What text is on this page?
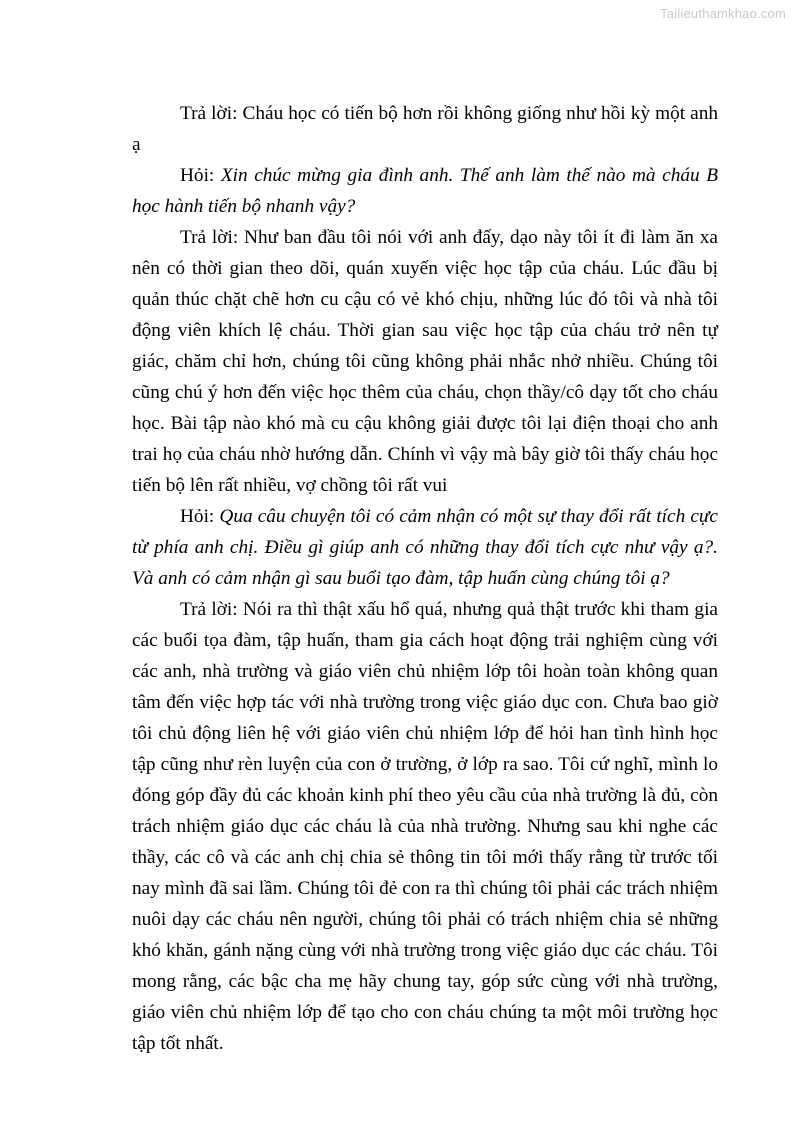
Tailieuthamkhao.com

Trả lời: Cháu học có tiến bộ hơn rồi không giống như hồi kỳ một anh ạ

Hỏi: Xin chúc mừng gia đình anh. Thế anh làm thế nào mà cháu B học hành tiến bộ nhanh vậy?

Trả lời: Như ban đầu tôi nói với anh đấy, dạo này tôi ít đi làm ăn xa nên có thời gian theo dõi, quán xuyến việc học tập của cháu. Lúc đầu bị quản thúc chặt chẽ hơn cu cậu có vẻ khó chịu, những lúc đó tôi và nhà tôi động viên khích lệ cháu. Thời gian sau việc học tập của cháu trở nên tự giác, chăm chỉ hơn, chúng tôi cũng không phải nhắc nhở nhiều. Chúng tôi cũng chú ý hơn đến việc học thêm của cháu, chọn thầy/cô dạy tốt cho cháu học. Bài tập nào khó mà cu cậu không giải được tôi lại điện thoại cho anh trai họ của cháu nhờ hướng dẫn. Chính vì vậy mà bây giờ tôi thấy cháu học tiến bộ lên rất nhiều, vợ chồng tôi rất vui

Hỏi: Qua câu chuyện tôi có cảm nhận có một sự thay đổi rất tích cực từ phía anh chị. Điều gì giúp anh có những thay đổi tích cực như vậy ạ?. Và anh có cảm nhận gì sau buổi tạo đàm, tập huấn cùng chúng tôi ạ?

Trả lời: Nói ra thì thật xấu hổ quá, nhưng quả thật trước khi tham gia các buổi tọa đàm, tập huấn, tham gia cách hoạt động trải nghiệm cùng với các anh, nhà trường và giáo viên chủ nhiệm lớp tôi hoàn toàn không quan tâm đến việc hợp tác với nhà trường trong việc giáo dục con. Chưa bao giờ tôi chủ động liên hệ với giáo viên chủ nhiệm lớp để hỏi han tình hình học tập cũng như rèn luyện của con ở trường, ở lớp ra sao. Tôi cứ nghĩ, mình lo đóng góp đầy đủ các khoản kinh phí theo yêu cầu của nhà trường là đủ, còn trách nhiệm giáo dục các cháu là của nhà trường. Nhưng sau khi nghe các thầy, các cô và các anh chị chia sẻ thông tin tôi mới thấy rằng từ trước tối nay mình đã sai lầm. Chúng tôi đẻ con ra thì chúng tôi phải các trách nhiệm nuôi dạy các cháu nên người, chúng tôi phải có trách nhiệm chia sẻ những khó khăn, gánh nặng cùng với nhà trường trong việc giáo dục các cháu. Tôi mong rằng, các bậc cha mẹ hãy chung tay, góp sức cùng với nhà trường, giáo viên chủ nhiệm lớp để tạo cho con cháu chúng ta một môi trường học tập tốt nhất.
